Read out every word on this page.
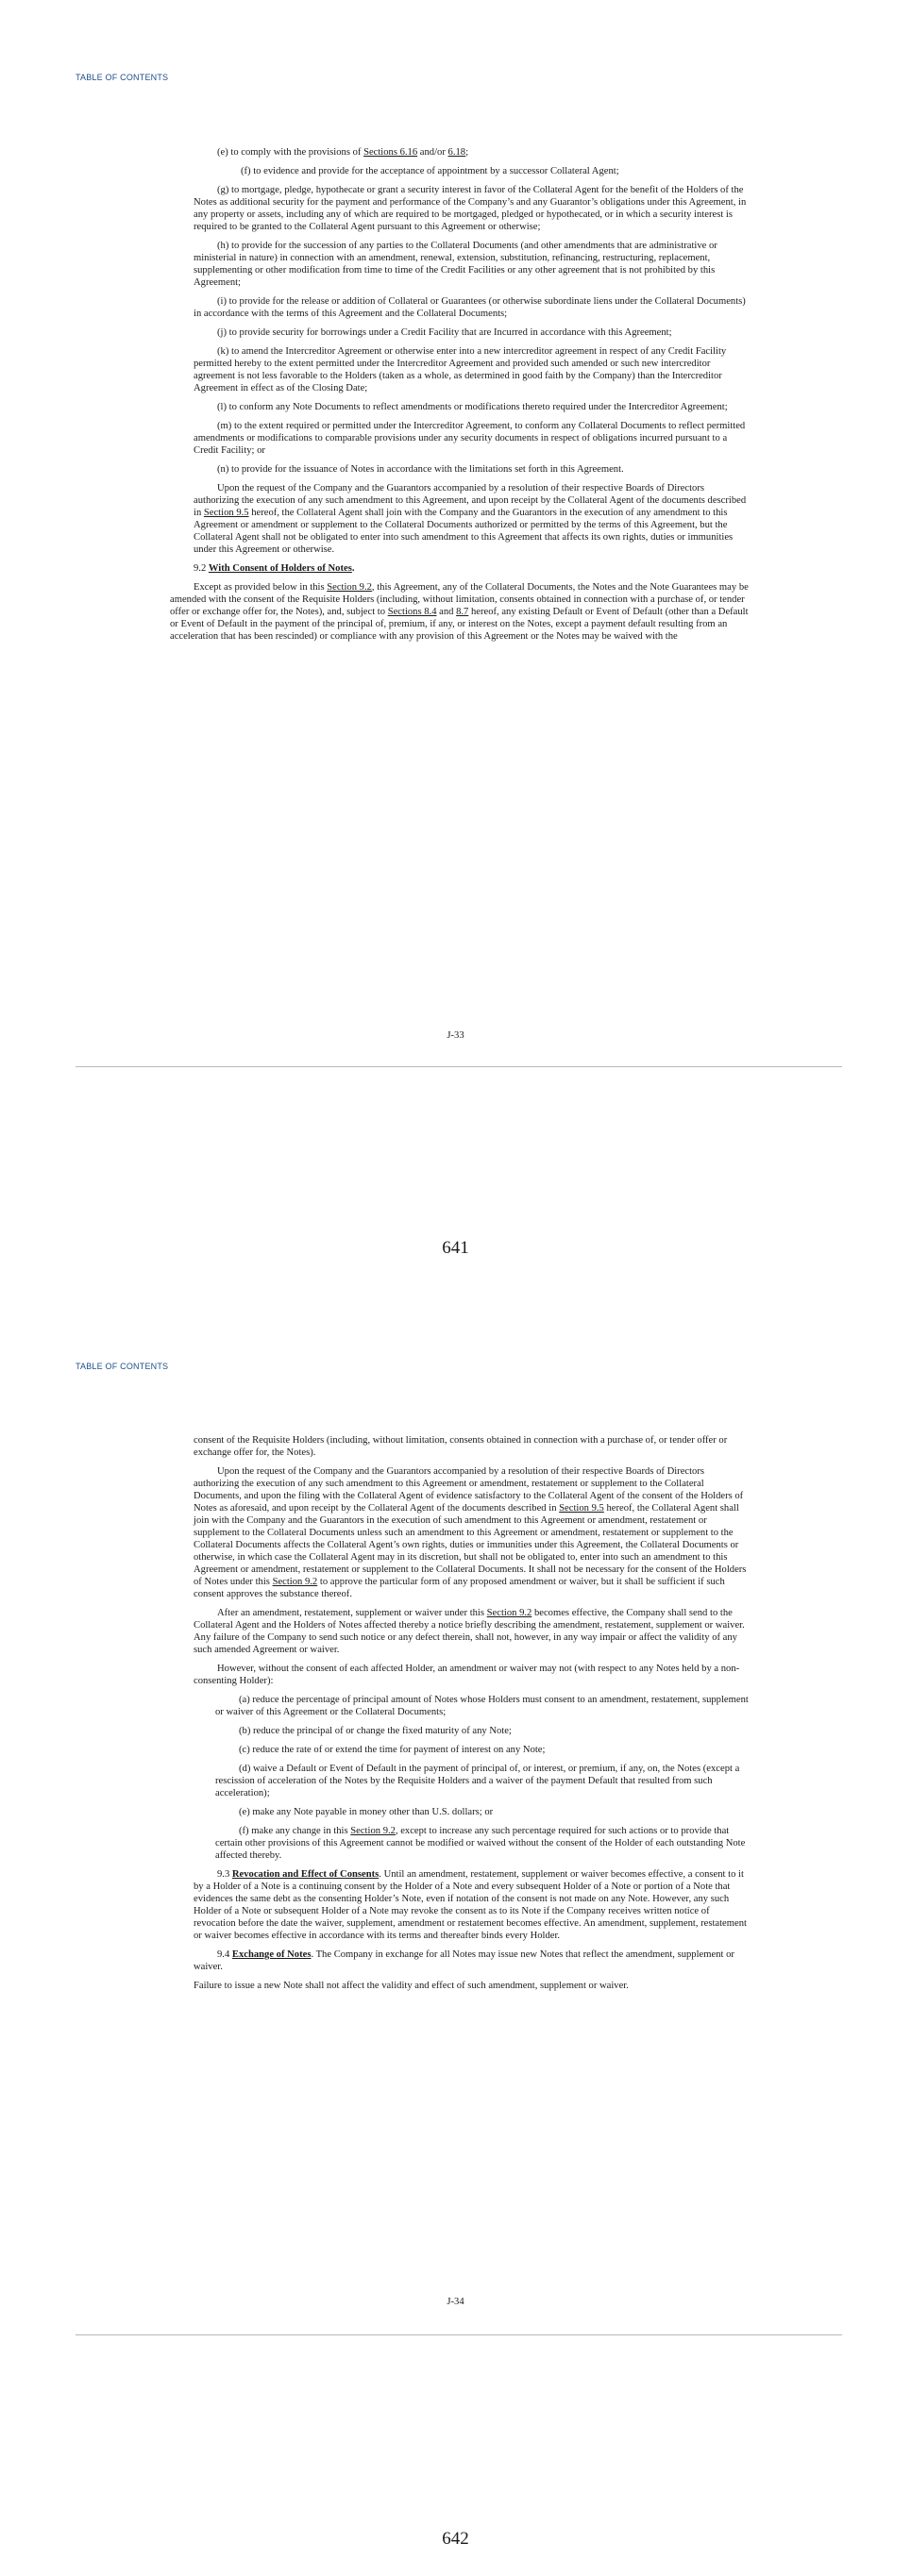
TABLE OF CONTENTS

(e) to comply with the provisions of Sections 6.16 and/or 6.18;

(f) to evidence and provide for the acceptance of appointment by a successor Collateral Agent;

(g) to mortgage, pledge, hypothecate or grant a security interest in favor of the Collateral Agent for the benefit of the Holders of the Notes as additional security for the payment and performance of the Company’s and any Guarantor’s obligations under this Agreement, in any property or assets, including any of which are required to be mortgaged, pledged or hypothecated, or in which a security interest is required to be granted to the Collateral Agent pursuant to this Agreement or otherwise;

(h) to provide for the succession of any parties to the Collateral Documents (and other amendments that are administrative or ministerial in nature) in connection with an amendment, renewal, extension, substitution, refinancing, restructuring, replacement, supplementing or other modification from time to time of the Credit Facilities or any other agreement that is not prohibited by this Agreement;

(i) to provide for the release or addition of Collateral or Guarantees (or otherwise subordinate liens under the Collateral Documents) in accordance with the terms of this Agreement and the Collateral Documents;

(j) to provide security for borrowings under a Credit Facility that are Incurred in accordance with this Agreement;

(k) to amend the Intercreditor Agreement or otherwise enter into a new intercreditor agreement in respect of any Credit Facility permitted hereby to the extent permitted under the Intercreditor Agreement and provided such amended or such new intercreditor agreement is not less favorable to the Holders (taken as a whole, as determined in good faith by the Company) than the Intercreditor Agreement in effect as of the Closing Date;

(l) to conform any Note Documents to reflect amendments or modifications thereto required under the Intercreditor Agreement;

(m) to the extent required or permitted under the Intercreditor Agreement, to conform any Collateral Documents to reflect permitted amendments or modifications to comparable provisions under any security documents in respect of obligations incurred pursuant to a Credit Facility; or

(n) to provide for the issuance of Notes in accordance with the limitations set forth in this Agreement.

Upon the request of the Company and the Guarantors accompanied by a resolution of their respective Boards of Directors authorizing the execution of any such amendment to this Agreement, and upon receipt by the Collateral Agent of the documents described in Section 9.5 hereof, the Collateral Agent shall join with the Company and the Guarantors in the execution of any amendment to this Agreement or amendment or supplement to the Collateral Documents authorized or permitted by the terms of this Agreement, but the Collateral Agent shall not be obligated to enter into such amendment to this Agreement that affects its own rights, duties or immunities under this Agreement or otherwise.

9.2 With Consent of Holders of Notes.

Except as provided below in this Section 9.2, this Agreement, any of the Collateral Documents, the Notes and the Note Guarantees may be amended with the consent of the Requisite Holders (including, without limitation, consents obtained in connection with a purchase of, or tender offer or exchange offer for, the Notes), and, subject to Sections 8.4 and 8.7 hereof, any existing Default or Event of Default (other than a Default or Event of Default in the payment of the principal of, premium, if any, or interest on the Notes, except a payment default resulting from an acceleration that has been rescinded) or compliance with any provision of this Agreement or the Notes may be waived with the

J-33
641
TABLE OF CONTENTS

consent of the Requisite Holders (including, without limitation, consents obtained in connection with a purchase of, or tender offer or exchange offer for, the Notes).

Upon the request of the Company and the Guarantors accompanied by a resolution of their respective Boards of Directors authorizing the execution of any such amendment to this Agreement or amendment, restatement or supplement to the Collateral Documents, and upon the filing with the Collateral Agent of evidence satisfactory to the Collateral Agent of the consent of the Holders of Notes as aforesaid, and upon receipt by the Collateral Agent of the documents described in Section 9.5 hereof, the Collateral Agent shall join with the Company and the Guarantors in the execution of such amendment to this Agreement or amendment, restatement or supplement to the Collateral Documents unless such an amendment to this Agreement or amendment, restatement or supplement to the Collateral Documents affects the Collateral Agent’s own rights, duties or immunities under this Agreement, the Collateral Documents or otherwise, in which case the Collateral Agent may in its discretion, but shall not be obligated to, enter into such an amendment to this Agreement or amendment, restatement or supplement to the Collateral Documents. It shall not be necessary for the consent of the Holders of Notes under this Section 9.2 to approve the particular form of any proposed amendment or waiver, but it shall be sufficient if such consent approves the substance thereof.

After an amendment, restatement, supplement or waiver under this Section 9.2 becomes effective, the Company shall send to the Collateral Agent and the Holders of Notes affected thereby a notice briefly describing the amendment, restatement, supplement or waiver. Any failure of the Company to send such notice or any defect therein, shall not, however, in any way impair or affect the validity of any such amended Agreement or waiver.

However, without the consent of each affected Holder, an amendment or waiver may not (with respect to any Notes held by a non-consenting Holder):

(a) reduce the percentage of principal amount of Notes whose Holders must consent to an amendment, restatement, supplement or waiver of this Agreement or the Collateral Documents;

(b) reduce the principal of or change the fixed maturity of any Note;

(c) reduce the rate of or extend the time for payment of interest on any Note;

(d) waive a Default or Event of Default in the payment of principal of, or interest, or premium, if any, on, the Notes (except a rescission of acceleration of the Notes by the Requisite Holders and a waiver of the payment Default that resulted from such acceleration);

(e) make any Note payable in money other than U.S. dollars; or

(f) make any change in this Section 9.2, except to increase any such percentage required for such actions or to provide that certain other provisions of this Agreement cannot be modified or waived without the consent of the Holder of each outstanding Note affected thereby.

9.3 Revocation and Effect of Consents. Until an amendment, restatement, supplement or waiver becomes effective, a consent to it by a Holder of a Note is a continuing consent by the Holder of a Note and every subsequent Holder of a Note or portion of a Note that evidences the same debt as the consenting Holder’s Note, even if notation of the consent is not made on any Note. However, any such Holder of a Note or subsequent Holder of a Note may revoke the consent as to its Note if the Company receives written notice of revocation before the date the waiver, supplement, amendment or restatement becomes effective. An amendment, supplement, restatement or waiver becomes effective in accordance with its terms and thereafter binds every Holder.

9.4 Exchange of Notes. The Company in exchange for all Notes may issue new Notes that reflect the amendment, supplement or waiver.

Failure to issue a new Note shall not affect the validity and effect of such amendment, supplement or waiver.

J-34
642
